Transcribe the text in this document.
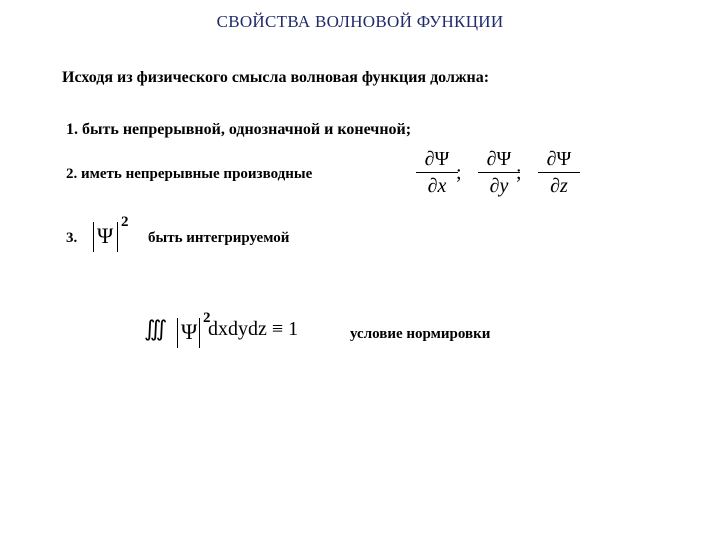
СВОЙСТВА ВОЛНОВОЙ ФУНКЦИИ
Исходя из физического смысла волновая функция должна:
1. быть непрерывной, однозначной и конечной;
2. иметь непрерывные производные
∂Ψ
∂x
;
∂Ψ
∂y
;
∂Ψ
∂z
3. Ψ
2
быть интегрируемой
∭ Ψ
2
dxdydz ≡ 1	условие нормировки
